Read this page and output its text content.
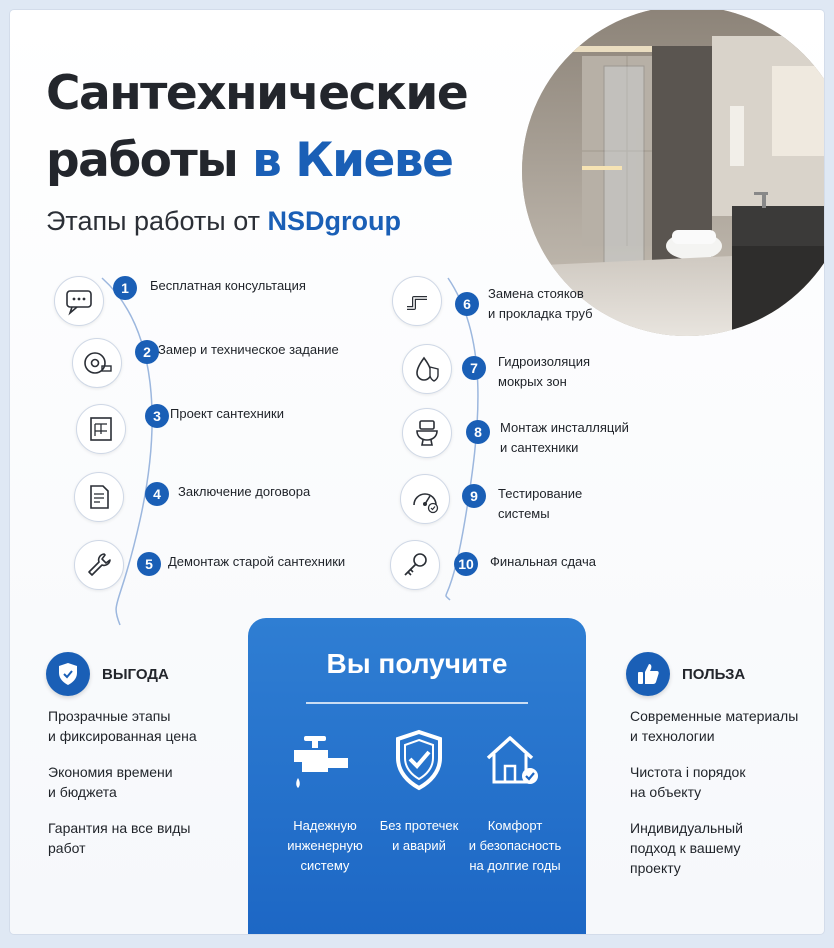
Сантехнические
работы в Киеве
Этапы работы от NSDgroup
1	Бесплатная консультация
2 Замер и техническое задание
3 Проект сантехники
4	Заключение договора
5	Демонтаж старой сантехники
6
Замена стояков
и прокладка труб
7	Гидроизоляция
мокрых зон
8	Монтаж инсталляций
и сантехники
9	Тестирование
системы
10	Финальная сдача
ВЫГОДА
Прозрачные этапы
и фиксированная цена
Экономия времени
и бюджета
Гарантия на все виды
работ
Вы получите
Надежную
инженерную
систему
Без протечек
и аварий
Комфорт
и безопасность
на долгие годы
ПОЛЬЗА
Современные материалы
и технологии
Чистота і порядок
на объекту
Индивидуальный
подход к вашему
проекту
